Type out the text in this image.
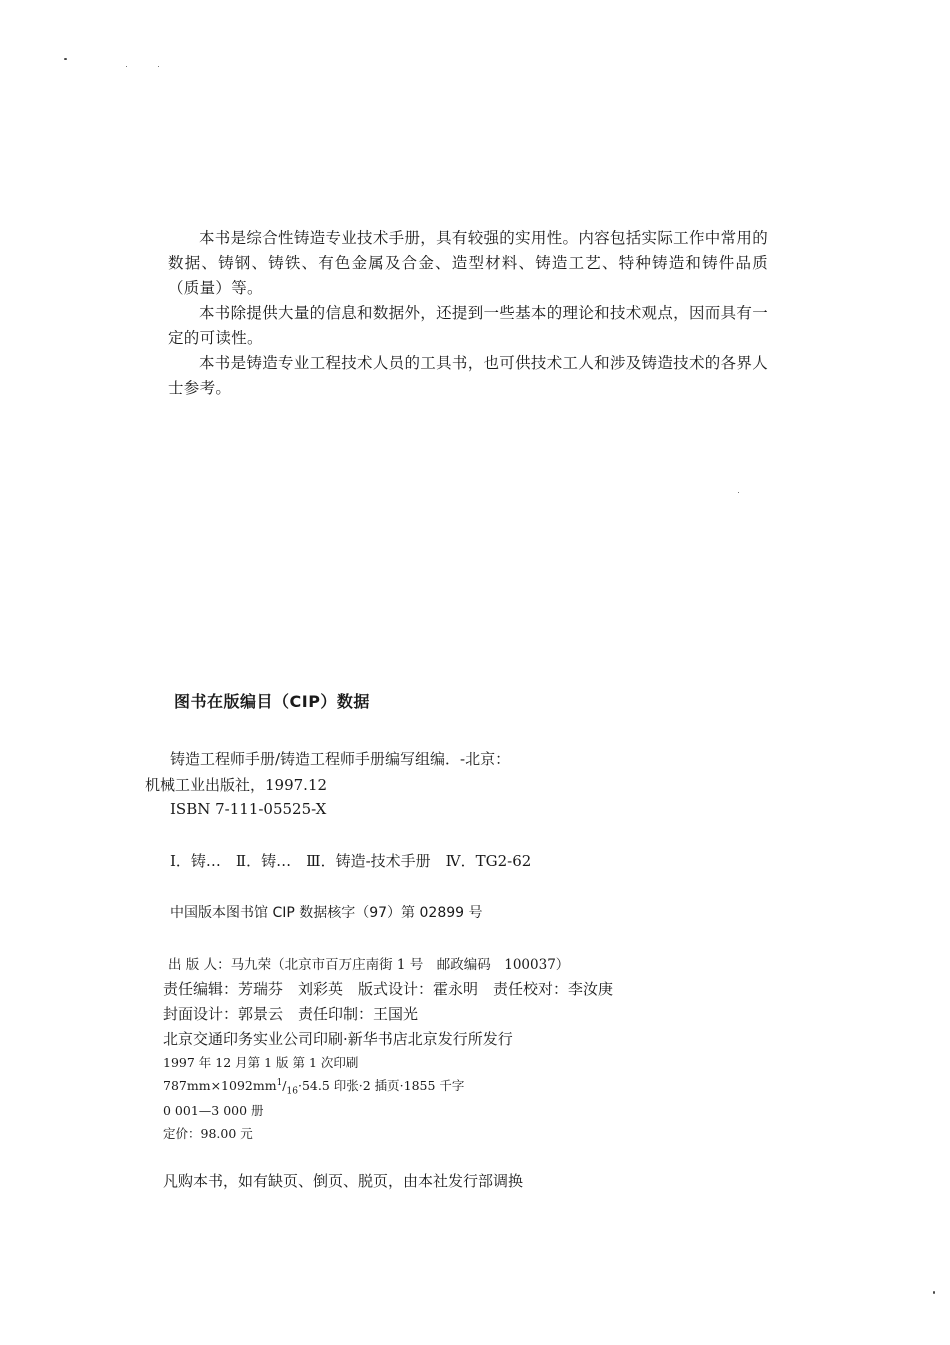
本书是综合性铸造专业技术手册，具有较强的实用性。内容包括实际工作中常用的数据、铸钢、铸铁、有色金属及合金、造型材料、铸造工艺、特种铸造和铸件品质（质量）等。

本书除提供大量的信息和数据外，还提到一些基本的理论和技术观点，因而具有一定的可读性。

本书是铸造专业工程技术人员的工具书，也可供技术工人和涉及铸造技术的各界人士参考。

图书在版编目（CIP）数据

铸造工程师手册/铸造工程师手册编写组编．-北京：

机械工业出版社，1997.12

ISBN 7-111-05525-X

Ⅰ．铸…　Ⅱ．铸…　Ⅲ．铸造-技术手册　Ⅳ．TG2-62

中国版本图书馆 CIP 数据核字（97）第 02899 号

出 版 人：马九荣（北京市百万庄南街 1 号　邮政编码　100037）

责任编辑：芳瑞芬　刘彩英　版式设计：霍永明　责任校对：李汝庚

封面设计：郭景云　责任印制：王国光

北京交通印务实业公司印刷·新华书店北京发行所发行

1997 年 12 月第 1 版 第 1 次印刷

$787mm\times 1092mm^1/_{16}\cdot 54.5$ 印张·2 插页·1855 千字

0 001—3 000 册

定价：98.00 元

凡购本书，如有缺页、倒页、脱页，由本社发行部调换
